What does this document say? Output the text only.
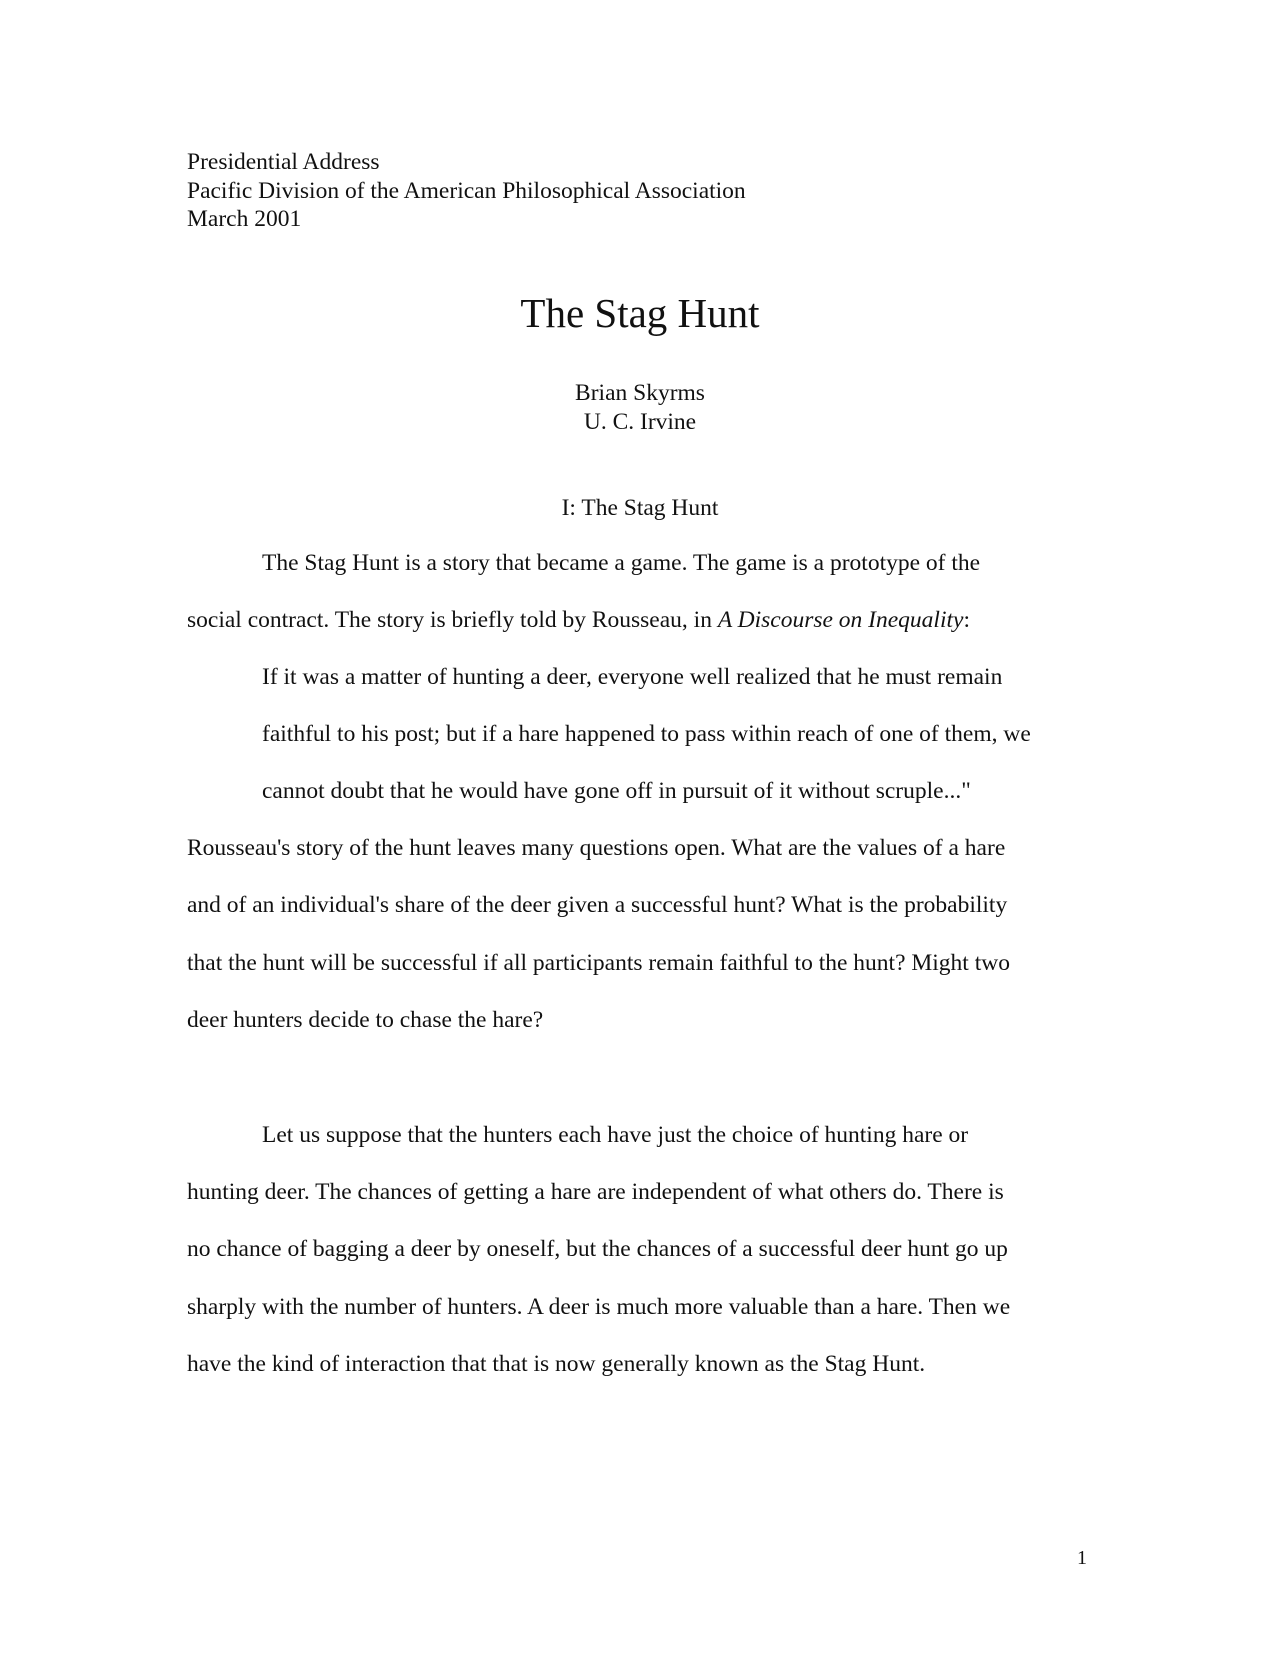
Presidential Address
Pacific Division of the American Philosophical Association
March 2001
The Stag Hunt
Brian Skyrms
U. C. Irvine
I: The Stag Hunt
The Stag Hunt is a story that became a game. The game is a prototype of the
social contract. The story is briefly told by Rousseau, in A Discourse on Inequality:
If it was a matter of hunting a deer, everyone well realized that he must remain
faithful to his post; but if a hare happened to pass within reach of one of them, we
cannot doubt that he would have gone off in pursuit of it without scruple..."
Rousseau's story of the hunt leaves many questions open. What are the values of a hare
and of an individual's share of the deer given a successful hunt? What is the probability
that the hunt will be successful if all participants remain faithful to the hunt? Might two
deer hunters decide to chase the hare?
Let us suppose that the hunters each have just the choice of hunting hare or
hunting deer. The chances of getting a hare are independent of what others do. There is
no chance of bagging a deer by oneself, but the chances of a successful deer hunt go up
sharply with the number of hunters. A deer is much more valuable than a hare. Then we
have the kind of interaction that that is now generally known as the Stag Hunt.
1
